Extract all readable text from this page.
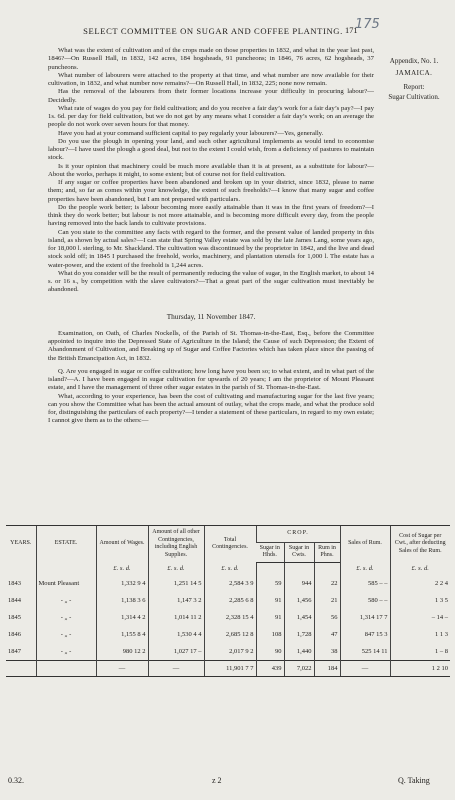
SELECT COMMITTEE ON SUGAR AND COFFEE PLANTING. 171
175
Appendix, No. 1.
JAMAICA.
Report:
Sugar Cultivation.

What was the extent of cultivation and of the crops made on those properties in 1832, and what in the year last past, 1846?—On Russell Hall, in 1832, 142 acres, 184 hogsheads, 91 puncheons; in 1846, 76 acres, 62 hogsheads, 37 puncheons.

What number of labourers were attached to the property at that time, and what number are now available for their cultivation, in 1832, and what number now remains?—On Russell Hall, in 1832, 225; none now remain.

Has the removal of the labourers from their former locations increase your difficulty in procuring labour?—Decidedly.

What rate of wages do you pay for field cultivation; and do you receive a fair day’s work for a fair day’s pay?—I pay 1s. 6d. per day for field cultivation, but we do not get by any means what I consider a fair day’s work; on an average the people do not work over seven hours for that money.

Have you had at your command sufficient capital to pay regularly your labourers?—Yes, generally.

Do you use the plough in opening your land, and such other agricultural implements as would tend to economise labour?—I have used the plough a good deal, but not to the extent I could wish, from a deficiency of pastures to maintain stock.

Is it your opinion that machinery could be much more available than it is at present, as a substitute for labour?—About the works, perhaps it might, to some extent; but of course not for field cultivation.

If any sugar or coffee properties have been abandoned and broken up in your district, since 1832, please to name them; and, so far as comes within your knowledge, the extent of such freeholds?—I know that many sugar and coffee properties have been abandoned, but I am not prepared with particulars.

Do the people work better; is labour becoming more easily attainable than it was in the first years of freedom?—I think they do work better; but labour is not more attainable, and is becoming more difficult every day, from the people having removed into the back lands to cultivate provisions.

Can you state to the committee any facts with regard to the former, and the present value of landed property in this island, as shown by actual sales?—I can state that Spring Valley estate was sold by the late James Lang, some years ago, for 18,000 l. sterling, to Mr. Shackland. The cultivation was discontinued by the proprietor in 1842, and the live and dead stock sold off; in 1845 I purchased the freehold, works, machinery, and plantation utensils for 1,000 l. The estate has a water-power, and the extent of the freehold is 1,244 acres.

What do you consider will be the result of permanently reducing the value of sugar, in the English market, to about 14 s. or 16 s., by competition with the slave cultivators?—That a great part of the sugar cultivation must inevitably be abandoned.

Thursday, 11 November 1847.

Examination, on Oath, of Charles Nockells, of the Parish of St. Thomas-in-the-East, Esq., before the Committee appointed to inquire into the Depressed State of Agriculture in the Island; the Cause of such Depression; the Extent of Abandonment of Cultivation, and Breaking up of Sugar and Coffee Factories which has taken place since the passing of the British Emancipation Act, in 1832.

Q. Are you engaged in sugar or coffee cultivation; how long have you been so; to what extent, and in what part of the island?—A. I have been engaged in sugar cultivation for upwards of 20 years; I am the proprietor of Mount Pleasant estate, and I have the management of three other sugar estates in the parish of St. Thomas-in-the-East.

What, according to your experience, has been the cost of cultivating and manufacturing sugar for the last five years; can you show the Committee what has been the actual amount of outlay, what the crops made, and what the produce sold for, distinguishing the particulars of each property?—I tender a statement of these particulars, in regard to my own estate; I cannot give them as to the others:—

YEARS.	ESTATE.	Amount of Wages.	Amount of all other Contingencies, including English Supplies.	Total Contingencies.	CROP.			Sales of Rum.	Cost of Sugar per Cwt., after deducting Sales of the Rum.
					Sugar in Hhds.	Sugar in Cwts.	Rum in Phns.		
		£. s. d.	£. s. d.	£. s. d.				£. s. d.	£. s. d.
1843	Mount Pleasant	1,332 9 4	1,251 14 5	2,584 3 9	59	944	22	585 – –	2 2 4
1844	- „ -	1,138 3 6	1,147 3 2	2,285 6 8	91	1,456	21	580 – –	1 3 5
1845	- „ -	1,314 4 2	1,014 11 2	2,328 15 4	91	1,454	56	1,314 17 7	– 14 –
1846	- „ -	1,155 8 4	1,530 4 4	2,685 12 8	108	1,728	47	847 15 3	1 1 3
1847	- „ -	980 12 2	1,027 17 –	2,017 9 2	90	1,440	38	525 14 11	1 – 8
		—	—	11,901 7 7	439	7,022	184	—	1 2 10
0.32.	z 2	Q. Taking
